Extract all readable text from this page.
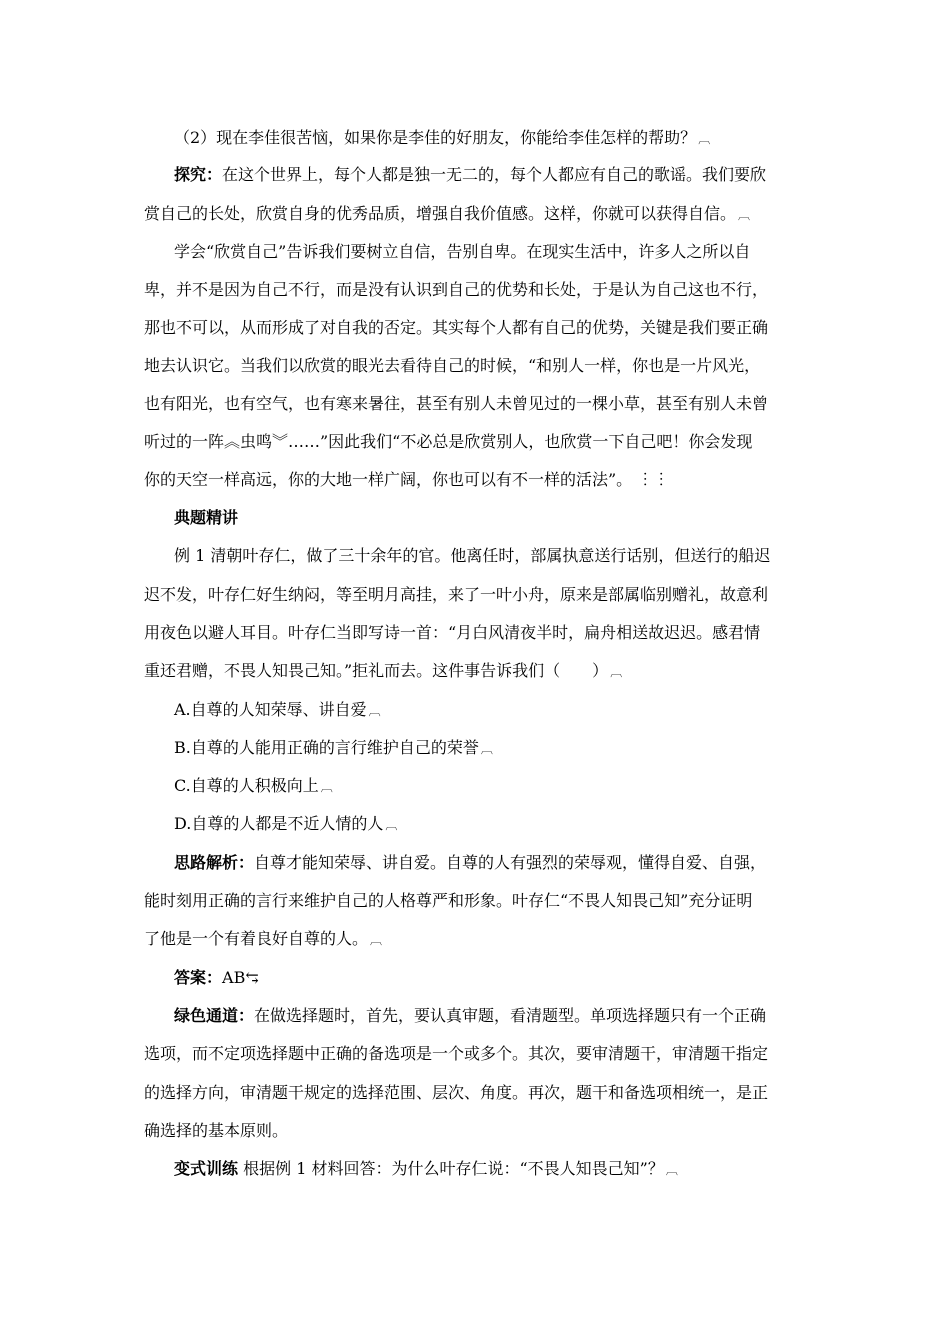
（2）现在李佳很苦恼，如果你是李佳的好朋友，你能给李佳怎样的帮助？ ︹
探究：在这个世界上，每个人都是独一无二的，每个人都应有自己的歌谣。我们要欣
赏自己的长处，欣赏自身的优秀品质，增强自我价值感。这样，你就可以获得自信。 ︹
学会“欣赏自己”告诉我们要树立自信，告别自卑。在现实生活中，许多人之所以自
卑，并不是因为自己不行，而是没有认识到自己的优势和长处，于是认为自己这也不行，
那也不可以，从而形成了对自我的否定。其实每个人都有自己的优势，关键是我们要正确
地去认识它。当我们以欣赏的眼光去看待自己的时候，“和别人一样，你也是一片风光，
也有阳光，也有空气，也有寒来暑往，甚至有别人未曾见过的一棵小草，甚至有别人未曾
听过的一阵︽虫鸣︾……”因此我们“不必总是欣赏别人，也欣赏一下自己吧！你会发现
你的天空一样高远，你的大地一样广阔，你也可以有不一样的活法”。 ︙︙
典题精讲
例 1 清朝叶存仁，做了三十余年的官。他离任时，部属执意送行话别，但送行的船迟
迟不发，叶存仁好生纳闷，等至明月高挂，来了一叶小舟，原来是部属临别赠礼，故意利
用夜色以避人耳目。叶存仁当即写诗一首：“月白风清夜半时，扁舟相送故迟迟。感君情
重还君赠，不畏人知畏己知。”拒礼而去。这件事告诉我们（　　） ︹
A.自尊的人知荣辱、讲自爱 ︹
B.自尊的人能用正确的言行维护自己的荣誉 ︹
C.自尊的人积极向上 ︹
D.自尊的人都是不近人情的人 ︹
思路解析：自尊才能知荣辱、讲自爱。自尊的人有强烈的荣辱观，懂得自爱、自强，
能时刻用正确的言行来维护自己的人格尊严和形象。叶存仁“不畏人知畏己知”充分证明
了他是一个有着良好自尊的人。 ︹
答案：AB⥃
绿色通道：在做选择题时，首先，要认真审题，看清题型。单项选择题只有一个正确
选项，而不定项选择题中正确的备选项是一个或多个。其次，要审清题干，审清题干指定
的选择方向，审清题干规定的选择范围、层次、角度。再次，题干和备选项相统一，是正
确选择的基本原则。
变式训练 根据例 1 材料回答：为什么叶存仁说：“不畏人知畏己知”？ ︹
